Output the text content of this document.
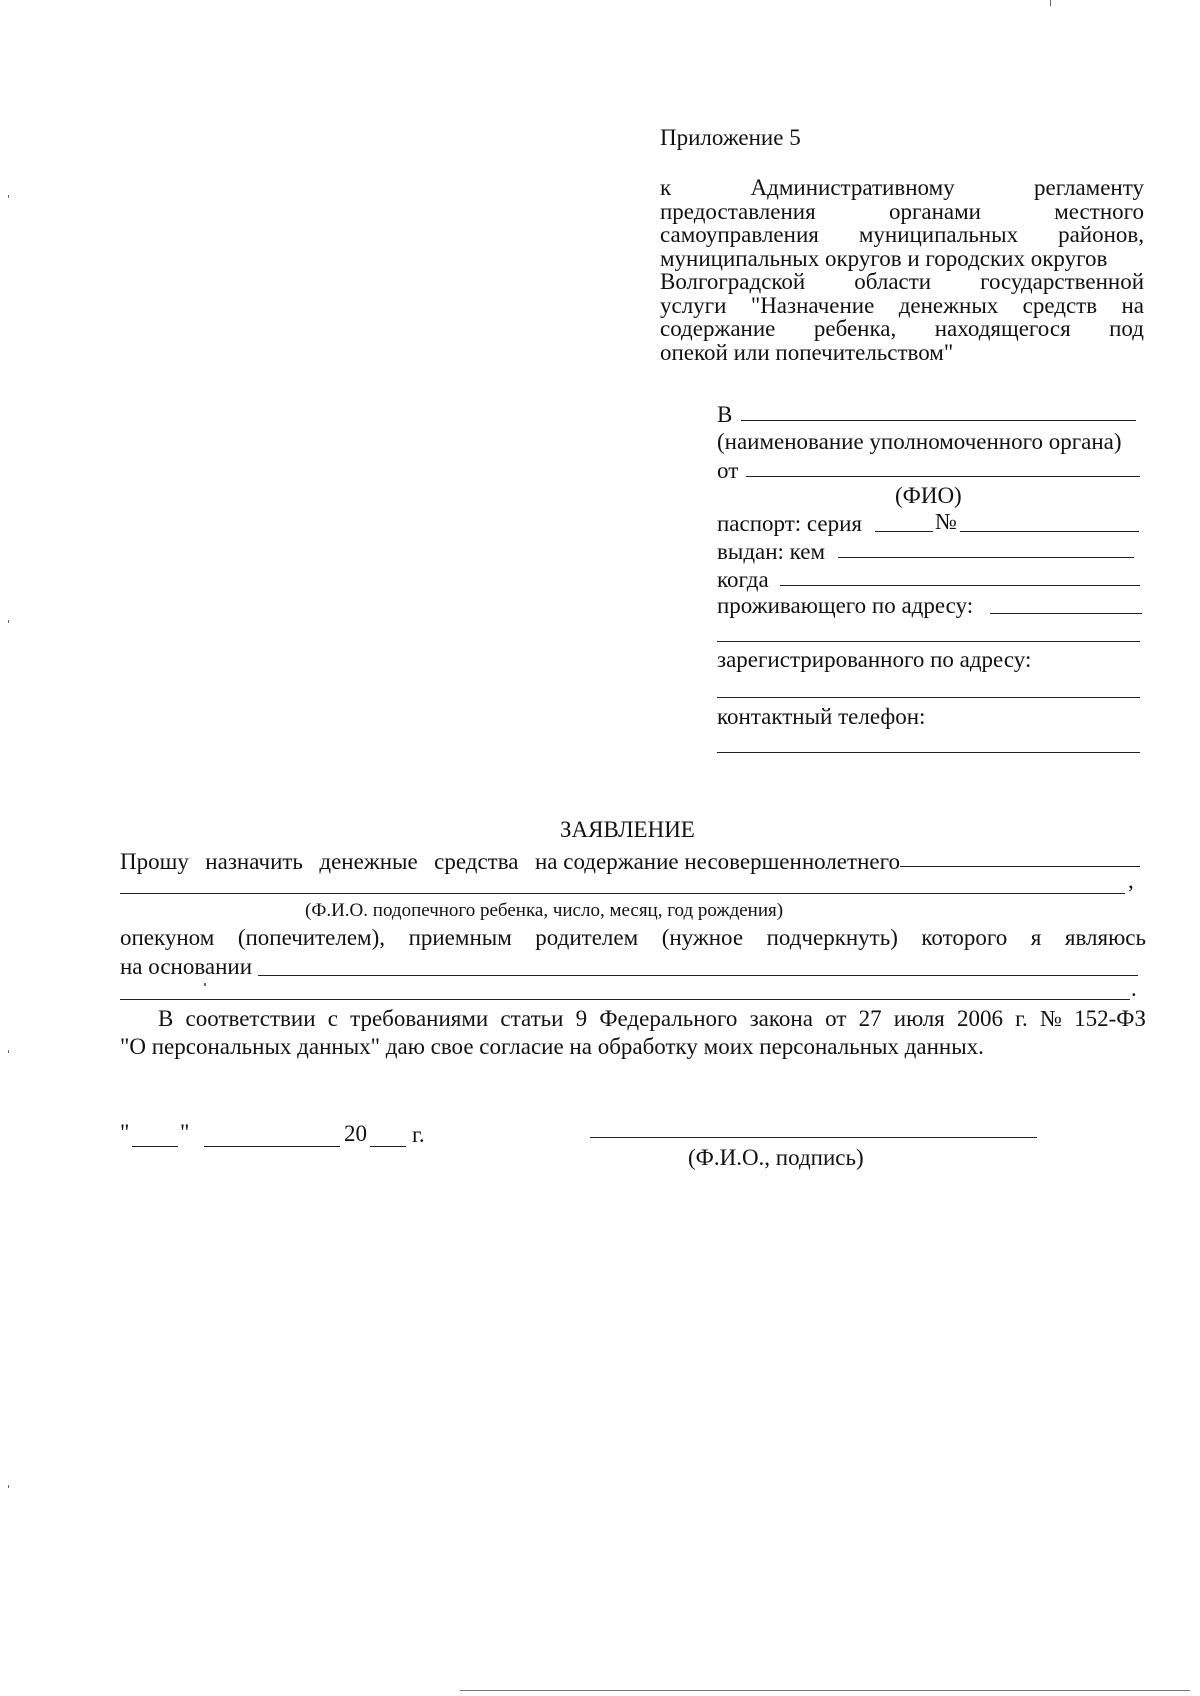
Приложение 5
к	Административному	регламенту
предоставления	органами	местного
самоуправления муниципальных районов,
муниципальных округов и городских округов
Волгоградской области государственной
услуги "Назначение денежных средств на
содержание ребенка, находящегося под
опекой или попечительством"
В
(наименование уполномоченного органа)
от
(ФИО)
паспорт: серия	№
выдан: кем
когда
проживающего по адресу:
зарегистрированного по адресу:
контактный телефон:
ЗАЯВЛЕНИЕ
Прошу назначить денежные средства на содержание несовершеннолетнего
,
(Ф.И.О. подопечного ребенка, число, месяц, год рождения)
опекуном (попечителем), приемным родителем (нужное подчеркнуть) которого я являюсь
на основании
.
В соответствии с требованиями статьи 9 Федерального закона от 27 июля 2006 г. № 152-ФЗ
"О персональных данных" даю свое согласие на обработку моих персональных данных.
" "	20 г.
(Ф.И.О., подпись)
